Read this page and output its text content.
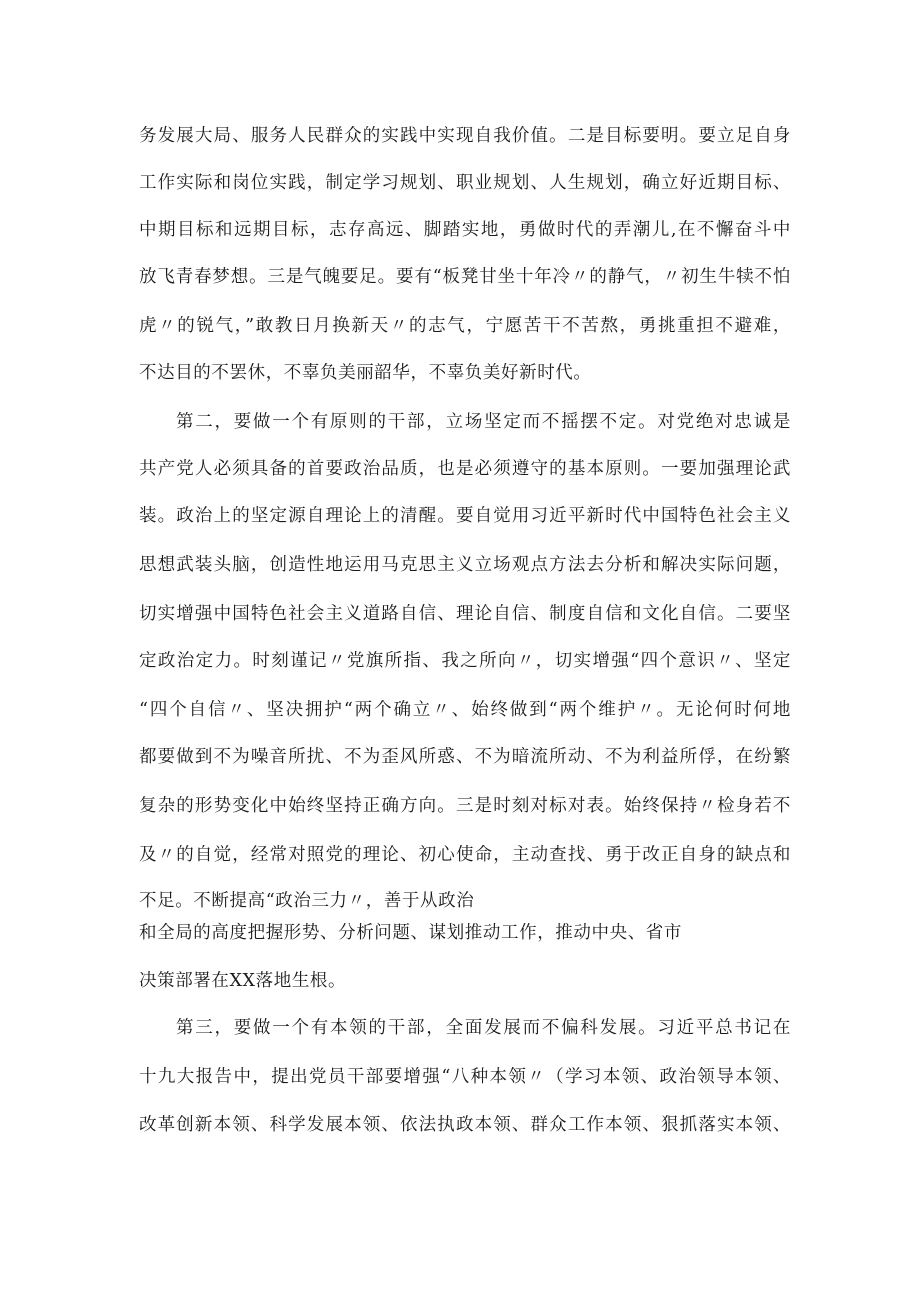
务发展大局、服务人民群众的实践中实现自我价值。二是目标要明。要立足自身
工作实际和岗位实践，制定学习规划、职业规划、人生规划，确立好近期目标、
中期目标和远期目标，志存高远、脚踏实地，勇做时代的弄潮儿,在不懈奋斗中
放飞青春梦想。三是气魄要足。要有“板凳甘坐十年冷〃的静气，〃初生牛犊不怕
虎〃的锐气，”敢教日月换新天〃的志气，宁愿苦干不苦熬，勇挑重担不避难，
不达目的不罢休，不辜负美丽韶华，不辜负美好新时代。
第二，要做一个有原则的干部，立场坚定而不摇摆不定。对党绝对忠诚是
共产党人必须具备的首要政治品质，也是必须遵守的基本原则。一要加强理论武
装。政治上的坚定源自理论上的清醒。要自觉用习近平新时代中国特色社会主义
思想武装头脑，创造性地运用马克思主义立场观点方法去分析和解决实际问题，
切实增强中国特色社会主义道路自信、理论自信、制度自信和文化自信。二要坚
定政治定力。时刻谨记〃党旗所指、我之所向〃，切实增强“四个意识〃、坚定
“四个自信〃、坚决拥护“两个确立〃、始终做到“两个维护〃。无论何时何地
都要做到不为噪音所扰、不为歪风所惑、不为暗流所动、不为利益所俘，在纷繁
复杂的形势变化中始终坚持正确方向。三是时刻对标对表。始终保持〃检身若不
及〃的自觉，经常对照党的理论、初心使命，主动查找、勇于改正自身的缺点和
不足。不断提高“政治三力〃，善于从政治
和全局的高度把握形势、分析问题、谋划推动工作，推动中央、省市
决策部署在XX落地生根。
第三，要做一个有本领的干部，全面发展而不偏科发展。习近平总书记在
十九大报告中，提出党员干部要增强“八种本领〃（学习本领、政治领导本领、
改革创新本领、科学发展本领、依法执政本领、群众工作本领、狠抓落实本领、
